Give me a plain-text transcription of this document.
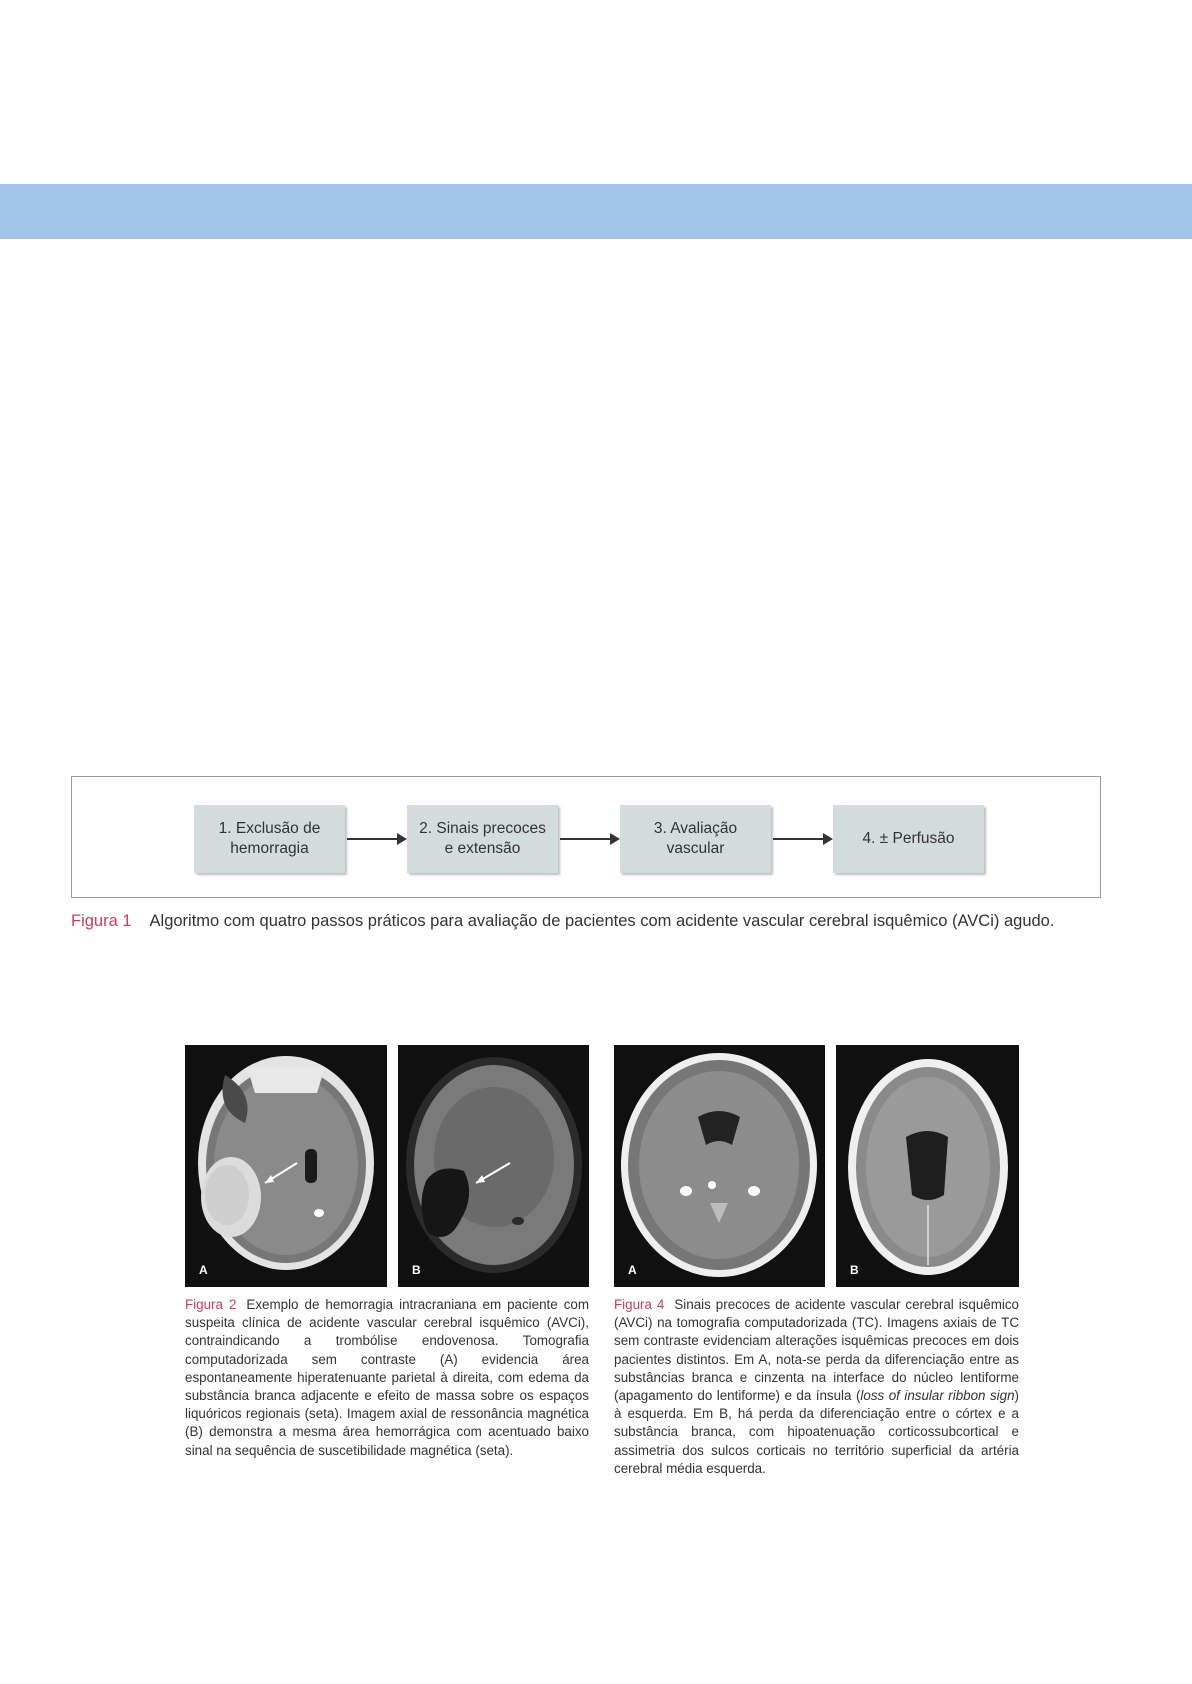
1. Exclusão de
hemorragia
2. Sinais precoces
e extensão
3. Avaliação
vascular
4. ± Perfusão
Figura 1 Algoritmo com quatro passos práticos para avaliação de pacientes com acidente vascular cerebral isquêmico (AVCi) agudo.
A	B	A	B
Figura 2 Exemplo de hemorragia intracraniana em paciente com suspeita clínica de acidente vascular cerebral isquêmico (AVCi), contraindicando a trombólise endovenosa. Tomografia computadorizada sem contraste (A) evidencia área espontaneamente hiperatenuante parietal à direita, com edema da substância branca adjacente e efeito de massa sobre os espaços liquóricos regionais (seta). Imagem axial de ressonância magnética (B) demonstra a mesma área hemorrágica com acentuado baixo sinal na sequência de suscetibilidade magnética (seta).
Figura 4 Sinais precoces de acidente vascular cerebral isquêmico (AVCi) na tomografia computadorizada (TC). Imagens axiais de TC sem contraste evidenciam alterações isquêmicas precoces em dois pacientes distintos. Em A, nota-se perda da diferenciação entre as substâncias branca e cinzenta na interface do núcleo lentiforme (apagamento do lentiforme) e da ínsula (loss of insular ribbon sign) à esquerda. Em B, há perda da diferenciação entre o córtex e a substância branca, com hipoatenuação corticossubcortical e assimetria dos sulcos corticais no território superficial da artéria cerebral média esquerda.
